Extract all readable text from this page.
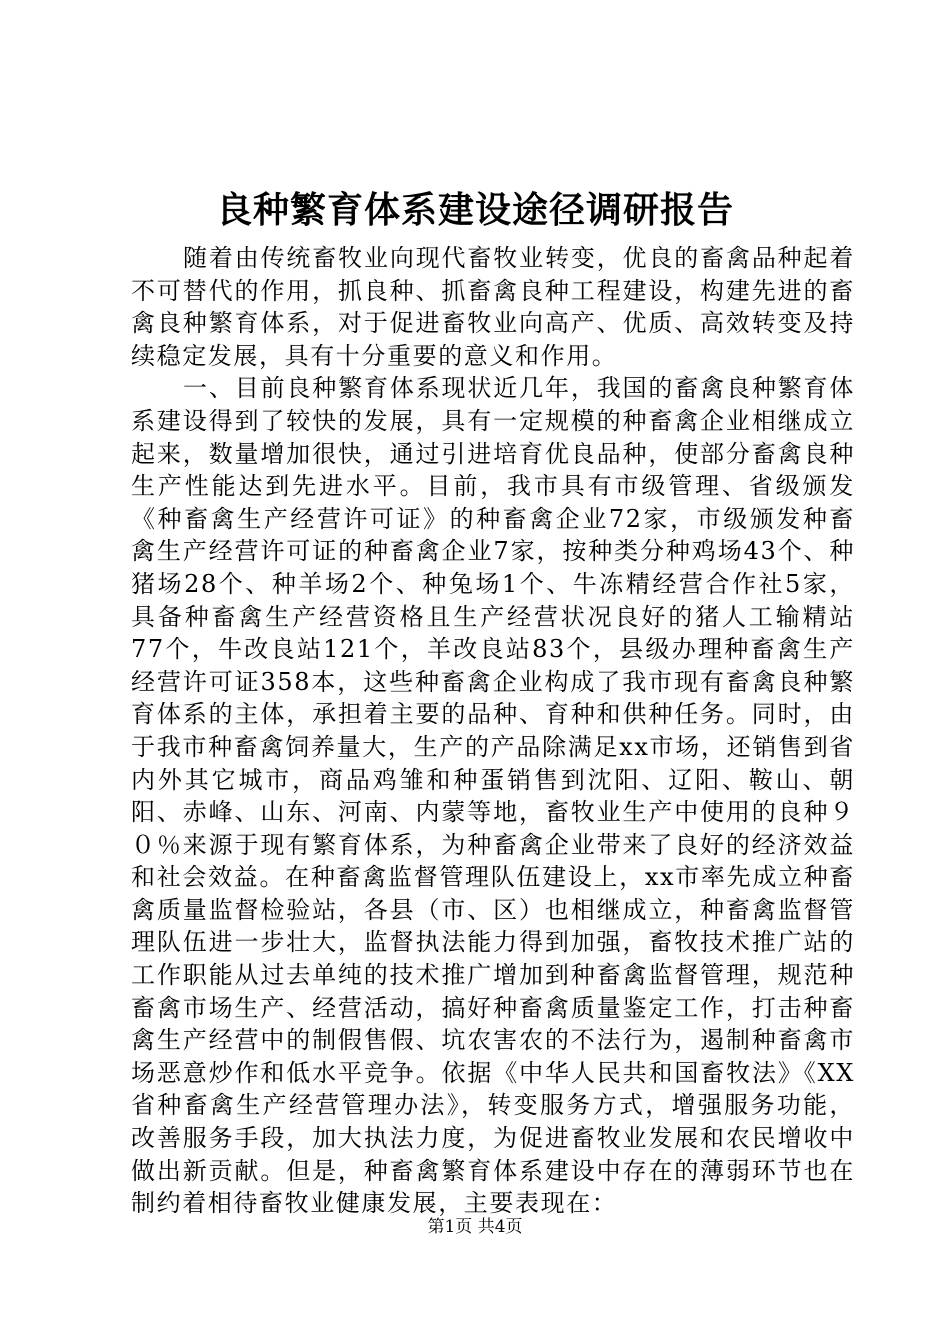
良种繁育体系建设途径调研报告

随着由传统畜牧业向现代畜牧业转变，优良的畜禽品种起着不可替代的作用，抓良种、抓畜禽良种工程建设，构建先进的畜禽良种繁育体系，对于促进畜牧业向高产、优质、高效转变及持续稳定发展，具有十分重要的意义和作用。

一、目前良种繁育体系现状近几年，我国的畜禽良种繁育体系建设得到了较快的发展，具有一定规模的种畜禽企业相继成立起来，数量增加很快，通过引进培育优良品种，使部分畜禽良种生产性能达到先进水平。目前，我市具有市级管理、省级颁发《种畜禽生产经营许可证》的种畜禽企业72家，市级颁发种畜禽生产经营许可证的种畜禽企业7家，按种类分种鸡场43个、种猪场28个、种羊场2个、种兔场1个、牛冻精经营合作社5家，具备种畜禽生产经营资格且生产经营状况良好的猪人工输精站77个，牛改良站121个，羊改良站83个，县级办理种畜禽生产经营许可证358本，这些种畜禽企业构成了我市现有畜禽良种繁育体系的主体，承担着主要的品种、育种和供种任务。同时，由于我市种畜禽饲养量大，生产的产品除满足xx市场，还销售到省内外其它城市，商品鸡雏和种蛋销售到沈阳、辽阳、鞍山、朝阳、赤峰、山东、河南、内蒙等地，畜牧业生产中使用的良种９０％来源于现有繁育体系，为种畜禽企业带来了良好的经济效益和社会效益。在种畜禽监督管理队伍建设上，xx市率先成立种畜禽质量监督检验站，各县（市、区）也相继成立，种畜禽监督管理队伍进一步壮大，监督执法能力得到加强，畜牧技术推广站的工作职能从过去单纯的技术推广增加到种畜禽监督管理，规范种畜禽市场生产、经营活动，搞好种畜禽质量鉴定工作，打击种畜禽生产经营中的制假售假、坑农害农的不法行为，遏制种畜禽市场恶意炒作和低水平竞争。依据《中华人民共和国畜牧法》《XX省种畜禽生产经营管理办法》，转变服务方式，增强服务功能，改善服务手段，加大执法力度，为促进畜牧业发展和农民增收中做出新贡献。但是，种畜禽繁育体系建设中存在的薄弱环节也在制约着相待畜牧业健康发展，主要表现在：

第1页 共4页
